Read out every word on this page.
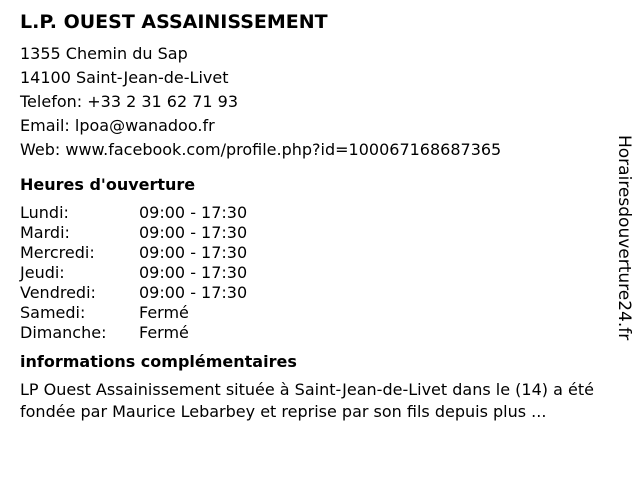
L.P. OUEST ASSAINISSEMENT
1355 Chemin du Sap
14100 Saint-Jean-de-Livet
Telefon: +33 2 31 62 71 93
Email: lpoa@wanadoo.fr
Web: www.facebook.com/profile.php?id=100067168687365
Heures d'ouverture
Lundi:	09:00 - 17:30
Mardi:	09:00 - 17:30
Mercredi:	09:00 - 17:30
Jeudi:	09:00 - 17:30
Vendredi:	09:00 - 17:30
Samedi:	Fermé
Dimanche:	Fermé
informations complémentaires

LP Ouest Assainissement située à Saint-Jean-de-Livet dans le (14) a été fondée par Maurice Lebarbey et reprise par son fils depuis plus ...

Horairesdouverture24.fr
